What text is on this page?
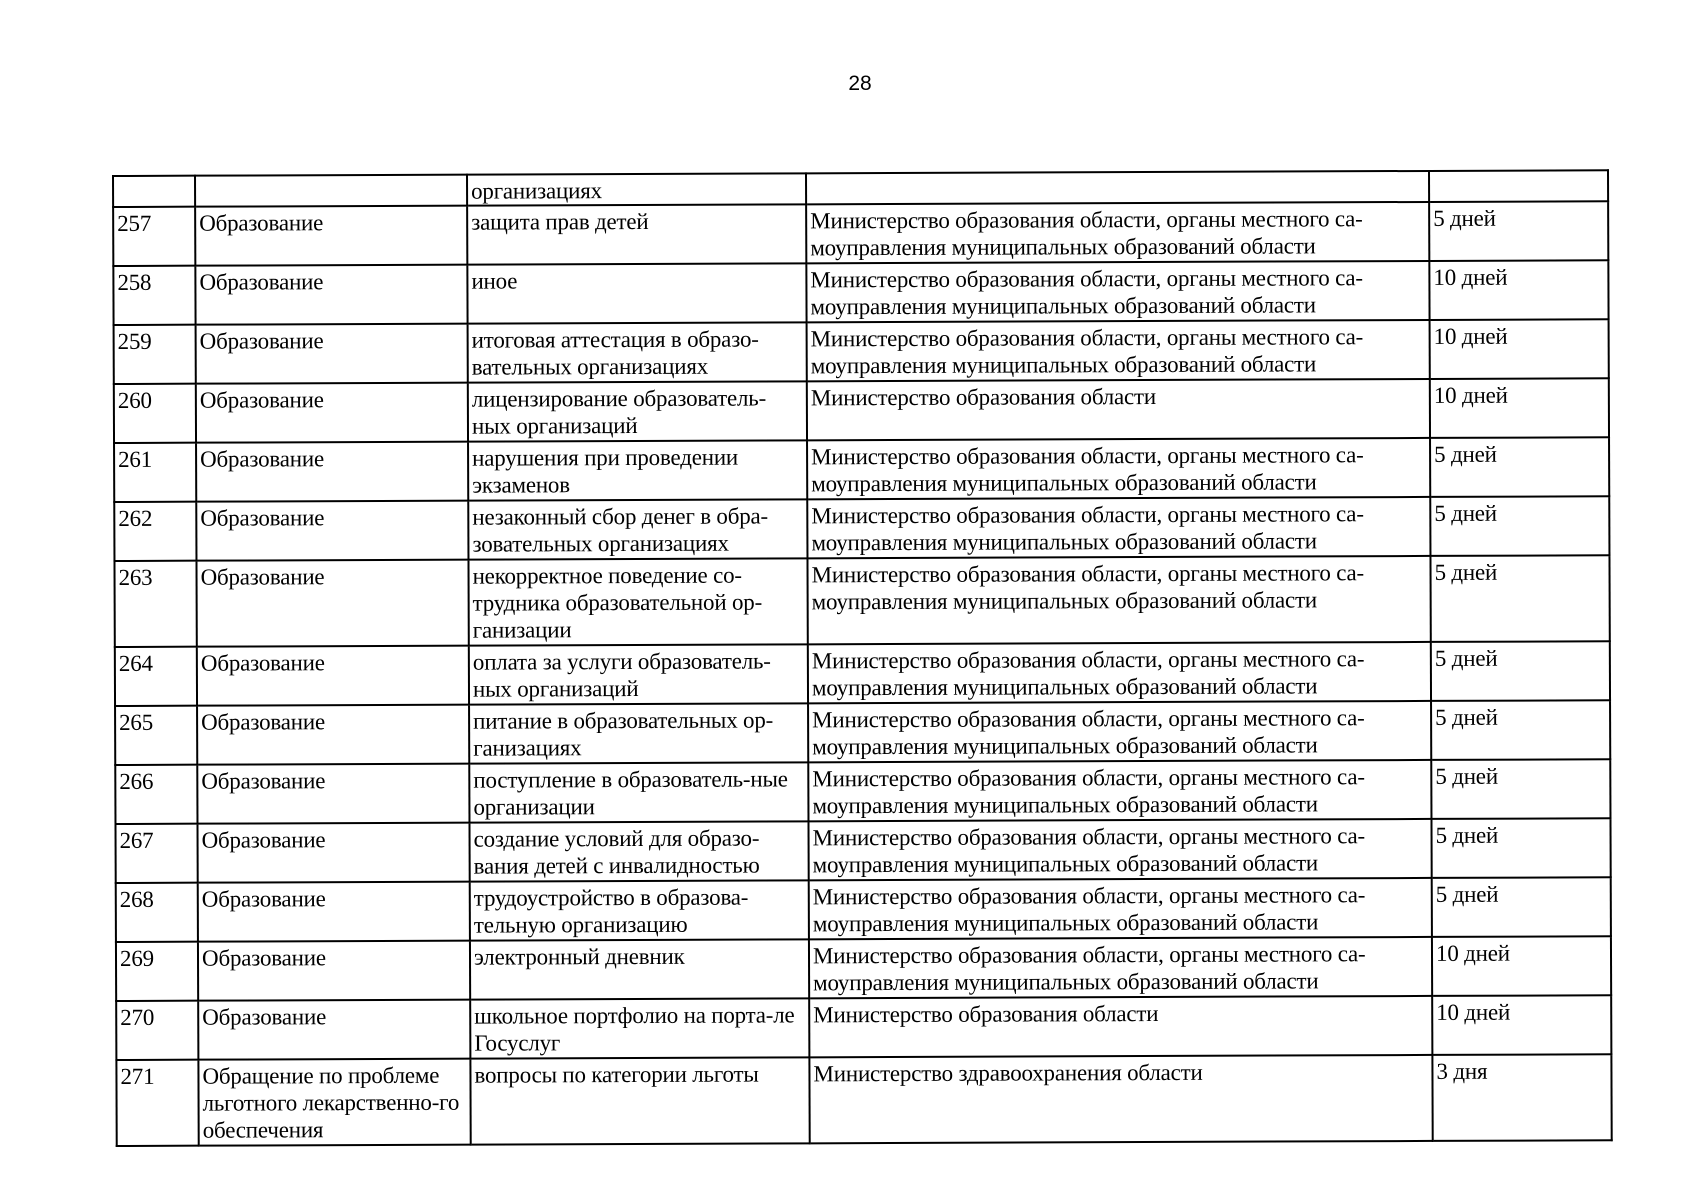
28
		организациях		
257	Образование	защита прав детей	Министерство образования области, органы местного са-моуправления муниципальных образований области	5 дней
258	Образование	иное	Министерство образования области, органы местного са-моуправления муниципальных образований области	10 дней
259	Образование	итоговая аттестация в образо-вательных организациях	Министерство образования области, органы местного са-моуправления муниципальных образований области	10 дней
260	Образование	лицензирование образователь-ных организаций	Министерство образования области	10 дней
261	Образование	нарушения при проведении экзаменов	Министерство образования области, органы местного са-моуправления муниципальных образований области	5 дней
262	Образование	незаконный сбор денег в обра-зовательных организациях	Министерство образования области, органы местного са-моуправления муниципальных образований области	5 дней
263	Образование	некорректное поведение со-трудника образовательной ор-ганизации	Министерство образования области, органы местного са-моуправления муниципальных образований области	5 дней
264	Образование	оплата за услуги образователь-ных организаций	Министерство образования области, органы местного са-моуправления муниципальных образований области	5 дней
265	Образование	питание в образовательных ор-ганизациях	Министерство образования области, органы местного са-моуправления муниципальных образований области	5 дней
266	Образование	поступление в образователь-ные организации	Министерство образования области, органы местного са-моуправления муниципальных образований области	5 дней
267	Образование	создание условий для образо-вания детей с инвалидностью	Министерство образования области, органы местного са-моуправления муниципальных образований области	5 дней
268	Образование	трудоустройство в образова-тельную организацию	Министерство образования области, органы местного са-моуправления муниципальных образований области	5 дней
269	Образование	электронный дневник	Министерство образования области, органы местного са-моуправления муниципальных образований области	10 дней
270	Образование	школьное портфолио на порта-ле Госуслуг	Министерство образования области	10 дней
271	Обращение по проблеме льготного лекарственно-го обеспечения	вопросы по категории льготы	Министерство здравоохранения области	3 дня
